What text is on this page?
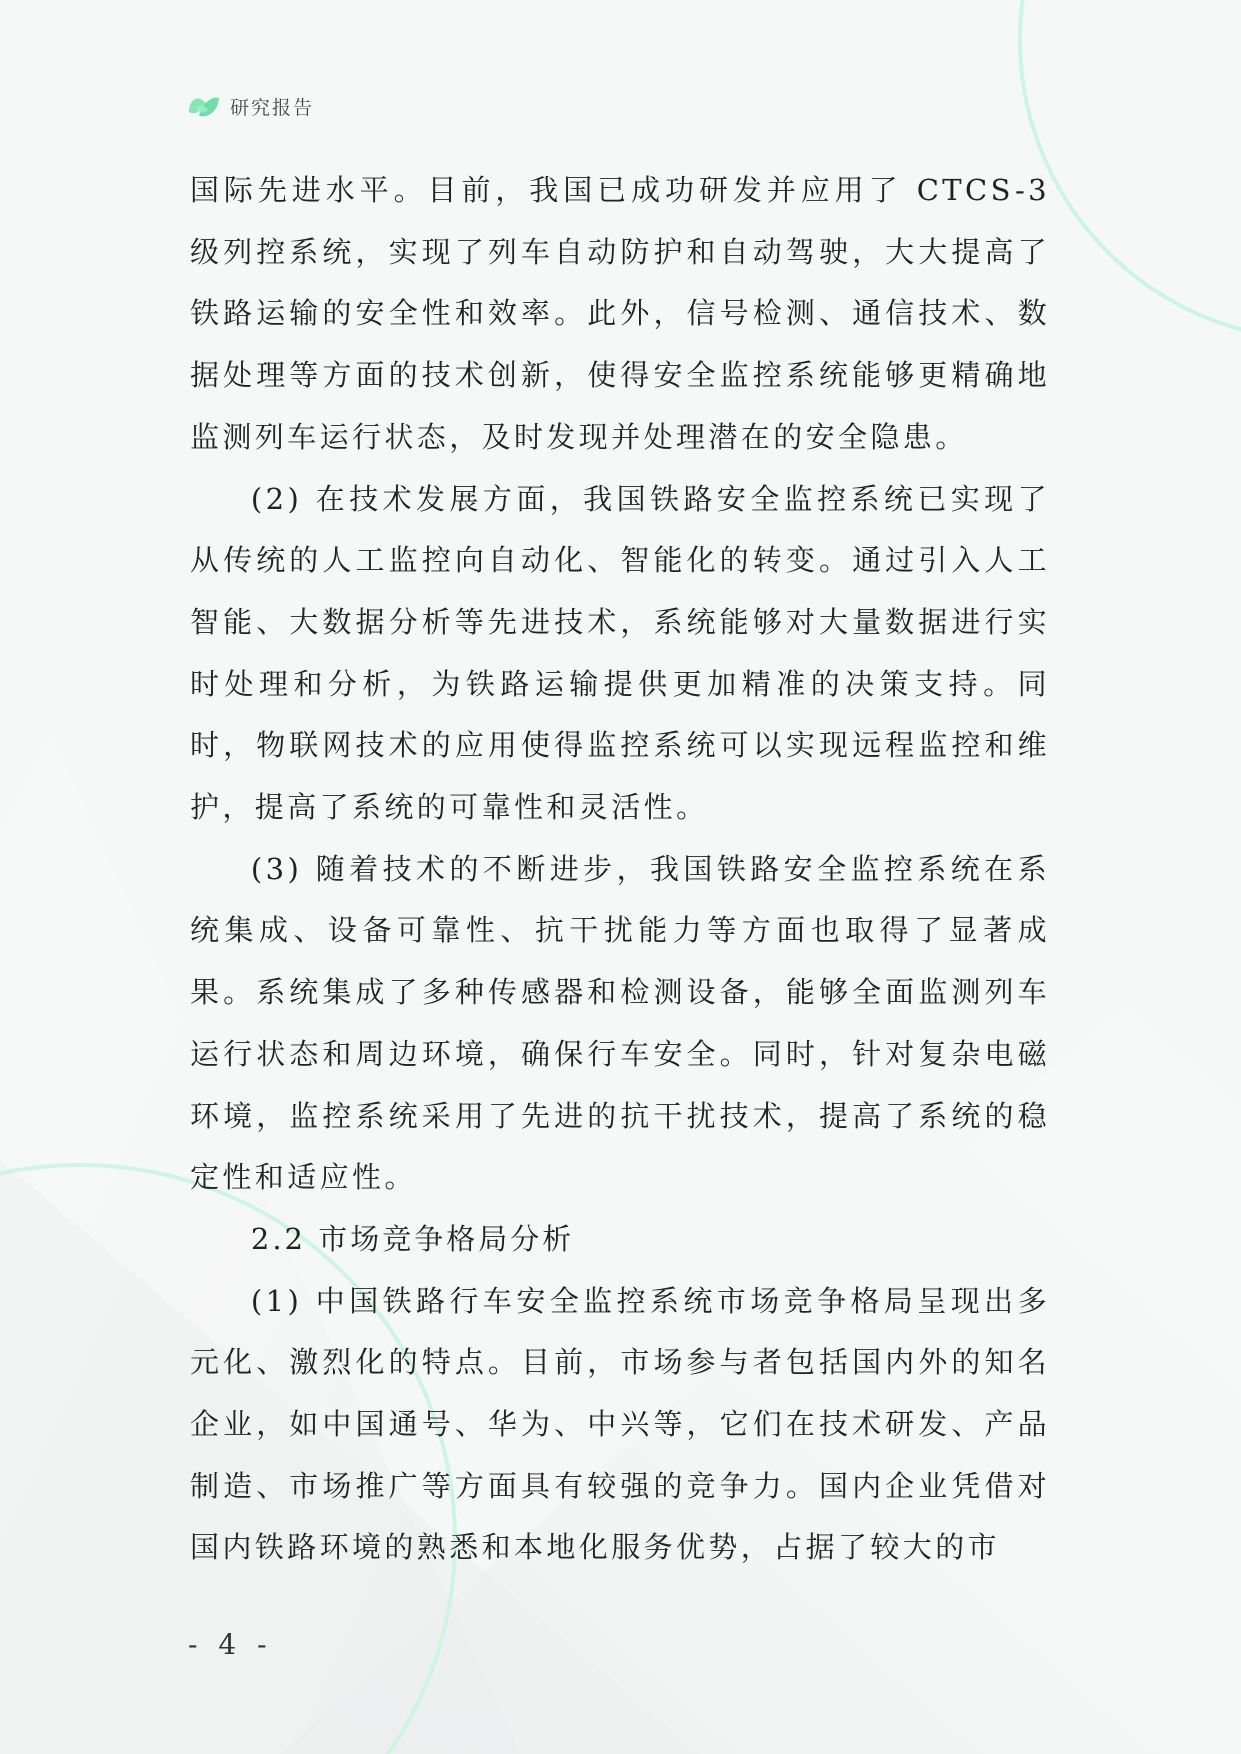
研究报告

国际先进水平。目前，我国已成功研发并应用了 CTCS-3 级列控系统，实现了列车自动防护和自动驾驶，大大提高了铁路运输的安全性和效率。此外，信号检测、通信技术、数据处理等方面的技术创新，使得安全监控系统能够更精确地监测列车运行状态，及时发现并处理潜在的安全隐患。

(2) 在技术发展方面，我国铁路安全监控系统已实现了从传统的人工监控向自动化、智能化的转变。通过引入人工智能、大数据分析等先进技术，系统能够对大量数据进行实时处理和分析，为铁路运输提供更加精准的决策支持。同时，物联网技术的应用使得监控系统可以实现远程监控和维护，提高了系统的可靠性和灵活性。

(3) 随着技术的不断进步，我国铁路安全监控系统在系统集成、设备可靠性、抗干扰能力等方面也取得了显著成果。系统集成了多种传感器和检测设备，能够全面监测列车运行状态和周边环境，确保行车安全。同时，针对复杂电磁环境，监控系统采用了先进的抗干扰技术，提高了系统的稳定性和适应性。

2.2 市场竞争格局分析

(1) 中国铁路行车安全监控系统市场竞争格局呈现出多元化、激烈化的特点。目前，市场参与者包括国内外的知名企业，如中国通号、华为、中兴等，它们在技术研发、产品制造、市场推广等方面具有较强的竞争力。国内企业凭借对国内铁路环境的熟悉和本地化服务优势，占据了较大的市

- 4 -
